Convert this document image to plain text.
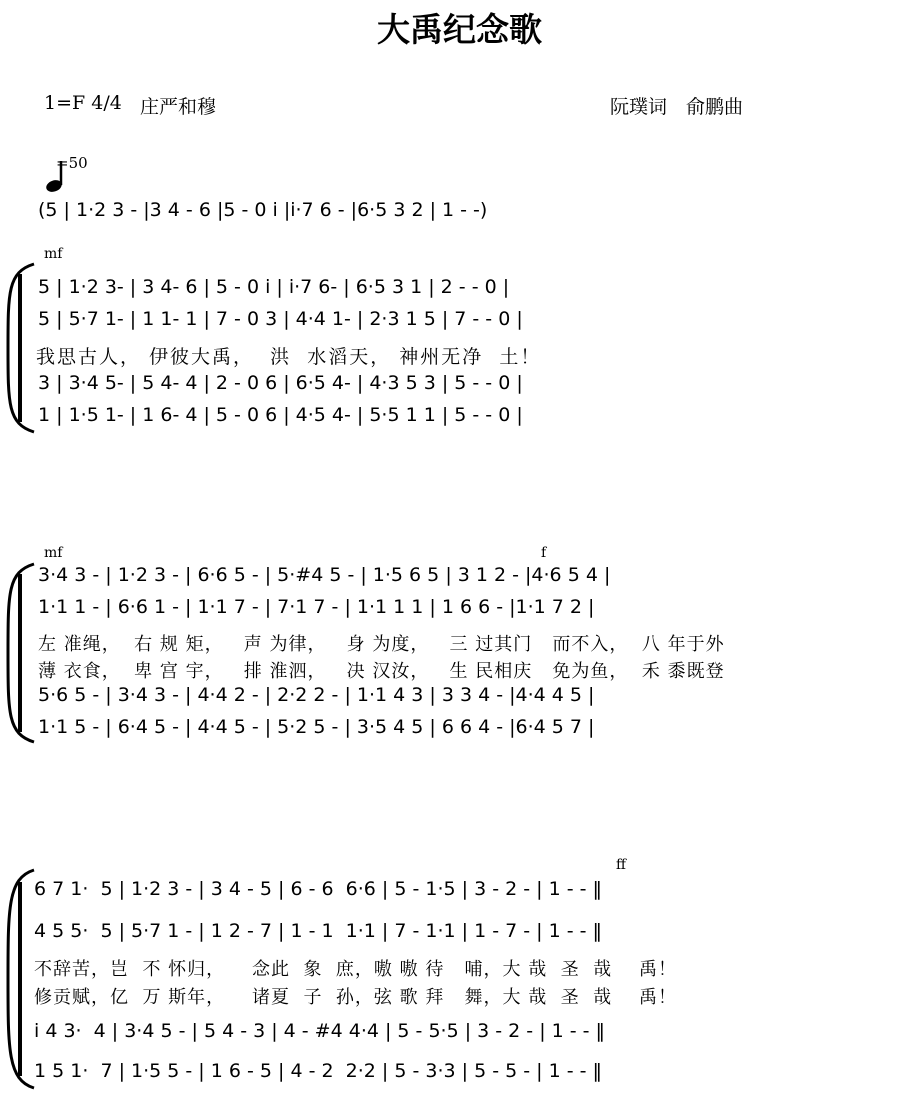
大禹纪念歌
1=F 4/4 庄严和穆	阮璞词　俞鹏曲

=50
(5 | 1·2 3 - |3 4 - 6 |5 - 0 i |i·7 6 - |6·5 3 2 | 1 - -)
mf
5 | 1·2 3- | 3 4- 6 | 5 - 0 i | i·7 6- | 6·5 3 1 | 2 - - 0 |
5 | 5·7 1- | 1 1- 1 | 7 - 0 3 | 4·4 1- | 2·3 1 5 | 7 - - 0 |
我思古人， 伊彼大禹，  洪  水滔天， 神州无净  土！
3 | 3·4 5- | 5 4- 4 | 2 - 0 6 | 6·5 4- | 4·3 5 3 | 5 - - 0 |
1 | 1·5 1- | 1 6- 4 | 5 - 0 6 | 4·5 4- | 5·5 1 1 | 5 - - 0 |
mf	f
3·4 3 - | 1·2 3 - | 6·6 5 - | 5·#4 5 - | 1·5 6 5 | 3 1 2 - |4·6 5 4 |
1·1 1 - | 6·6 1 - | 1·1 7 - | 7·1 7 - | 1·1 1 1 | 1 6 6 - |1·1 7 2 |
左 准绳，  右 规 矩，   声 为律，   身 为度，   三 过其门   而不入，  八 年于外
薄 衣食，  卑 宫 宇，   排 淮泗，   决 汉汝，   生 民相庆   免为鱼，  禾 黍既登
5·6 5 - | 3·4 3 - | 4·4 2 - | 2·2 2 - | 1·1 4 3 | 3 3 4 - |4·4 4 5 |
1·1 5 - | 6·4 5 - | 4·4 5 - | 5·2 5 - | 3·5 4 5 | 6 6 4 - |6·4 5 7 |
ff
6 7 1·  5 | 1·2 3 - | 3 4 - 5 | 6 - 6  6·6 | 5 - 1·5 | 3 - 2 - | 1 - - ‖
4 5 5·  5 | 5·7 1 - | 1 2 - 7 | 1 - 1  1·1 | 7 - 1·1 | 1 - 7 - | 1 - - ‖
不辞苦，岂  不 怀归，    念此  象  庶，嗷 嗷 待   哺，大 哉  圣  哉    禹！
修贡赋，亿  万 斯年，    诸夏  子  孙，弦 歌 拜   舞，大 哉  圣  哉    禹！
i 4 3·  4 | 3·4 5 - | 5 4 - 3 | 4 - #4 4·4 | 5 - 5·5 | 3 - 2 - | 1 - - ‖
1 5 1·  7 | 1·5 5 - | 1 6 - 5 | 4 - 2  2·2 | 5 - 3·3 | 5 - 5 - | 1 - - ‖
